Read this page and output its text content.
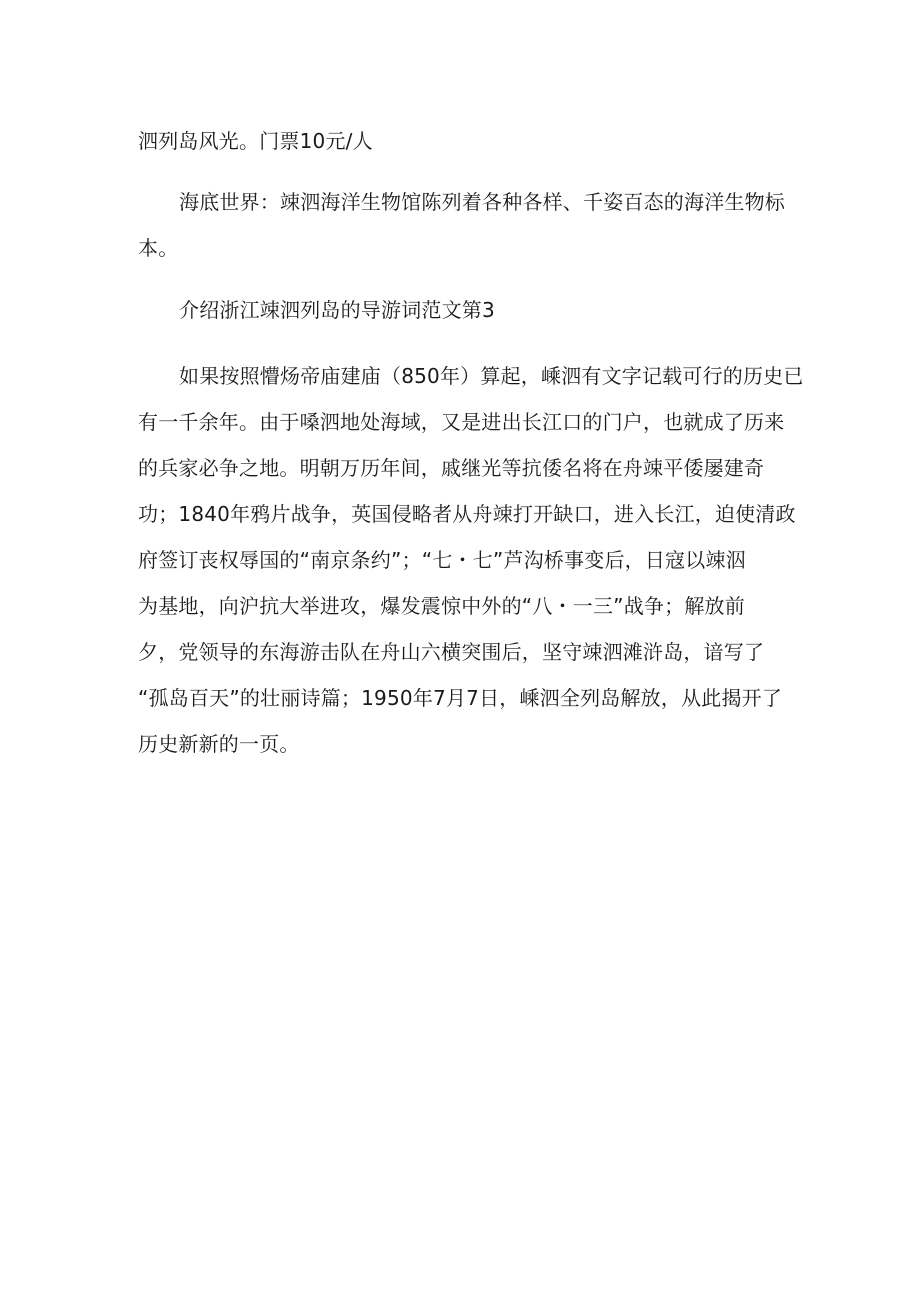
泗列岛风光。门票10元/人
海底世界：竦泗海洋生物馆陈列着各种各样、千姿百态的海洋生物标
本。
介绍浙江竦泗列岛的导游词范文第3
如果按照懵炀帝庙建庙（850年）算起，嵊泗有文字记载可行的历史已
有一千余年。由于嗓泗地处海域，又是进出长江口的门户，也就成了历来
的兵家必争之地。明朝万历年间，戚继光等抗倭名将在舟竦平倭屡建奇
功；1840年鸦片战争，英国侵略者从舟竦打开缺口，进入长江，迫使清政
府签订丧权辱国的“南京条约”；“七・七”芦沟桥事变后，日寇以竦泅
为基地，向沪抗大举进攻，爆发震惊中外的“八・一三”战争；解放前
夕，党领导的东海游击队在舟山六横突围后，坚守竦泗滩浒岛，谙写了
“孤岛百天”的壮丽诗篇；1950年7月7日，嵊泗全列岛解放，从此揭开了
历史新新的一页。
